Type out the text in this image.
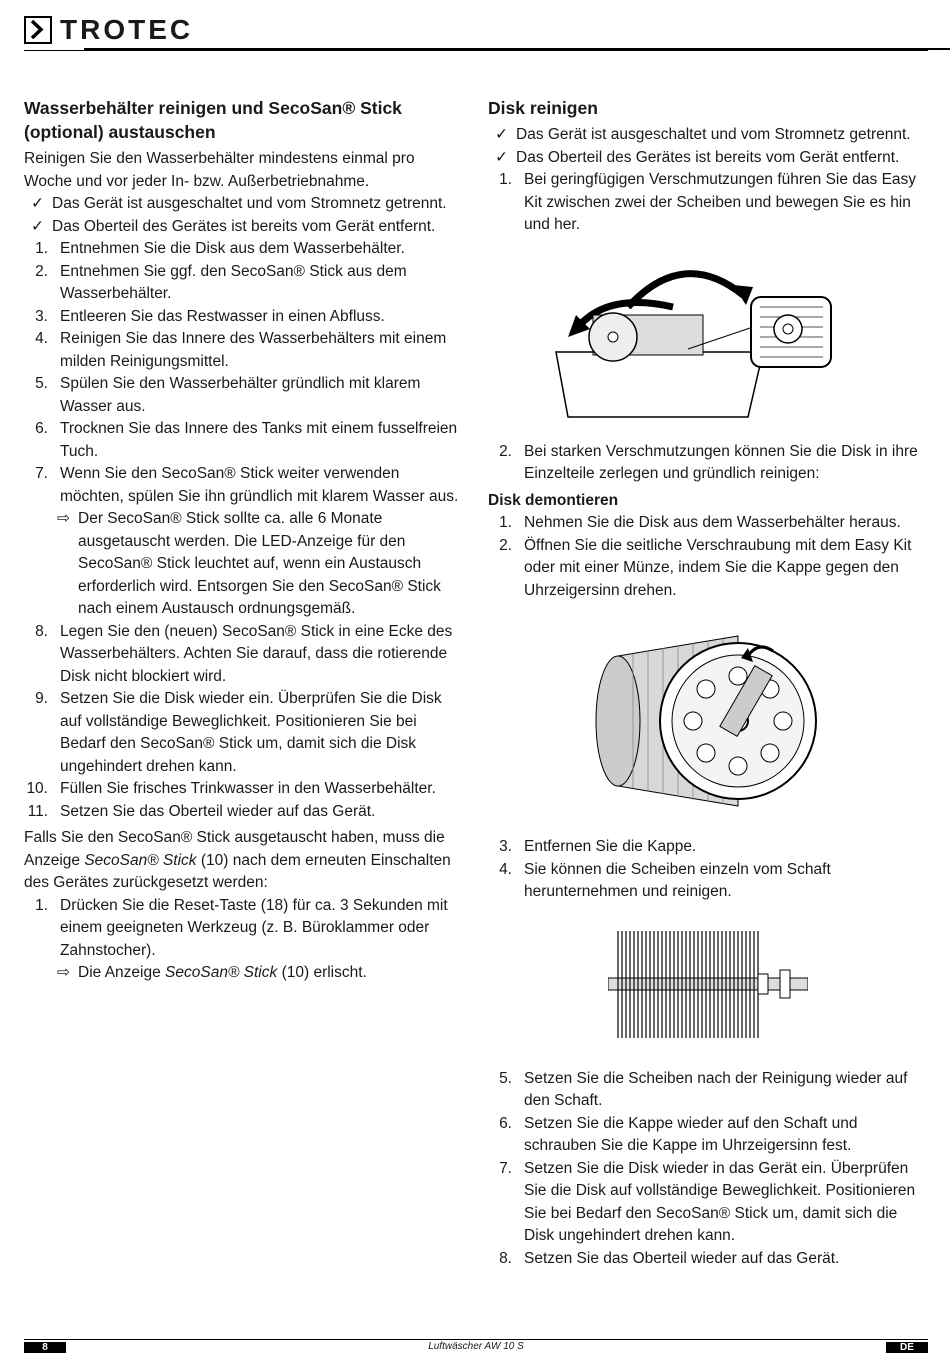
TROTEC
Wasserbehälter reinigen und SecoSan® Stick (optional) austauschen

Reinigen Sie den Wasserbehälter mindestens einmal pro Woche und vor jeder In- bzw. Außerbetriebnahme.

✓ Das Gerät ist ausgeschaltet und vom Stromnetz getrennt.
✓ Das Oberteil des Gerätes ist bereits vom Gerät entfernt.
1. Entnehmen Sie die Disk aus dem Wasserbehälter.
2. Entnehmen Sie ggf. den SecoSan® Stick aus dem Wasserbehälter.
3. Entleeren Sie das Restwasser in einen Abfluss.
4. Reinigen Sie das Innere des Wasserbehälters mit einem milden Reinigungsmittel.
5. Spülen Sie den Wasserbehälter gründlich mit klarem Wasser aus.
6. Trocknen Sie das Innere des Tanks mit einem fusselfreien Tuch.
7. Wenn Sie den SecoSan® Stick weiter verwenden möchten, spülen Sie ihn gründlich mit klarem Wasser aus.
⇨ Der SecoSan® Stick sollte ca. alle 6 Monate ausgetauscht werden. Die LED-Anzeige für den SecoSan® Stick leuchtet auf, wenn ein Austausch erforderlich wird. Entsorgen Sie den SecoSan® Stick nach einem Austausch ordnungsgemäß.
8. Legen Sie den (neuen) SecoSan® Stick in eine Ecke des Wasserbehälters. Achten Sie darauf, dass die rotierende Disk nicht blockiert wird.
9. Setzen Sie die Disk wieder ein. Überprüfen Sie die Disk auf vollständige Beweglichkeit. Positionieren Sie bei Bedarf den SecoSan® Stick um, damit sich die Disk ungehindert drehen kann.
10. Füllen Sie frisches Trinkwasser in den Wasserbehälter.
11. Setzen Sie das Oberteil wieder auf das Gerät.

Falls Sie den SecoSan® Stick ausgetauscht haben, muss die Anzeige SecoSan® Stick (10) nach dem erneuten Einschalten des Gerätes zurückgesetzt werden:

1. Drücken Sie die Reset-Taste (18) für ca. 3 Sekunden mit einem geeigneten Werkzeug (z. B. Büroklammer oder Zahnstocher).
⇨ Die Anzeige SecoSan® Stick (10) erlischt.
Disk reinigen
✓ Das Gerät ist ausgeschaltet und vom Stromnetz getrennt.
✓ Das Oberteil des Gerätes ist bereits vom Gerät entfernt.
1. Bei geringfügigen Verschmutzungen führen Sie das Easy Kit zwischen zwei der Scheiben und bewegen Sie es hin und her.
2. Bei starken Verschmutzungen können Sie die Disk in ihre Einzelteile zerlegen und gründlich reinigen:
Disk demontieren
1. Nehmen Sie die Disk aus dem Wasserbehälter heraus.
2. Öffnen Sie die seitliche Verschraubung mit dem Easy Kit oder mit einer Münze, indem Sie die Kappe gegen den Uhrzeigersinn drehen.
3. Entfernen Sie die Kappe.
4. Sie können die Scheiben einzeln vom Schaft herunternehmen und reinigen.
5. Setzen Sie die Scheiben nach der Reinigung wieder auf den Schaft.
6. Setzen Sie die Kappe wieder auf den Schaft und schrauben Sie die Kappe im Uhrzeigersinn fest.
7. Setzen Sie die Disk wieder in das Gerät ein. Überprüfen Sie die Disk auf vollständige Beweglichkeit. Positionieren Sie bei Bedarf den SecoSan® Stick um, damit sich die Disk ungehindert drehen kann.
8. Setzen Sie das Oberteil wieder auf das Gerät.
8	Luftwäscher AW 10 S	DE
